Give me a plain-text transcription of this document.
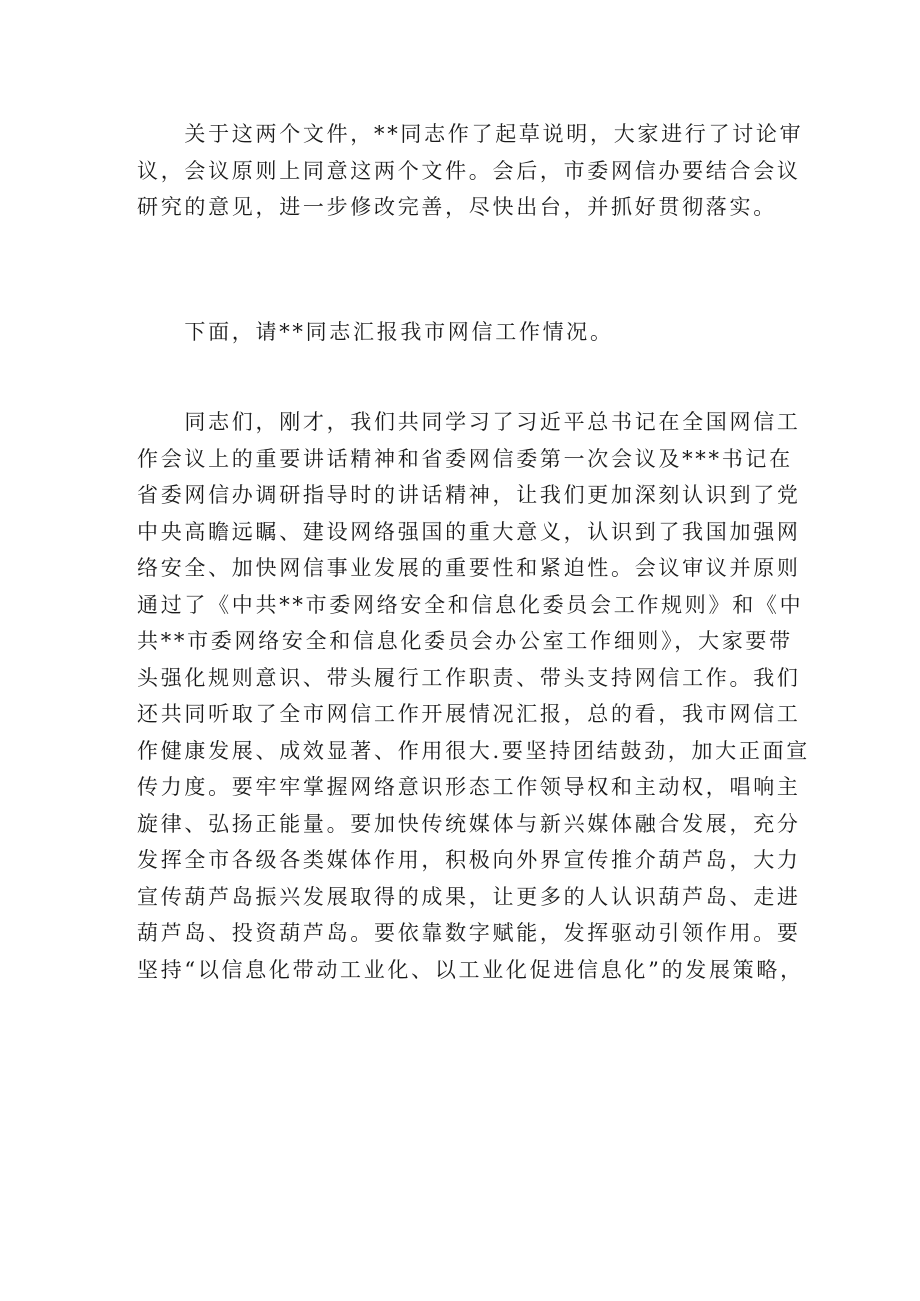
　　关于这两个文件，**同志作了起草说明，大家进行了讨论审
议，会议原则上同意这两个文件。会后，市委网信办要结合会议
研究的意见，进一步修改完善，尽快出台，并抓好贯彻落实。

　　下面，请**同志汇报我市网信工作情况。

　　同志们，刚才，我们共同学习了习近平总书记在全国网信工
作会议上的重要讲话精神和省委网信委第一次会议及***书记在
省委网信办调研指导时的讲话精神，让我们更加深刻认识到了党
中央高瞻远瞩、建设网络强国的重大意义，认识到了我国加强网
络安全、加快网信事业发展的重要性和紧迫性。会议审议并原则
通过了《中共**市委网络安全和信息化委员会工作规则》和《中
共**市委网络安全和信息化委员会办公室工作细则》，大家要带
头强化规则意识、带头履行工作职责、带头支持网信工作。我们
还共同听取了全市网信工作开展情况汇报，总的看，我市网信工
作健康发展、成效显著、作用很大.要坚持团结鼓劲，加大正面宣
传力度。要牢牢掌握网络意识形态工作领导权和主动权，唱响主
旋律、弘扬正能量。要加快传统媒体与新兴媒体融合发展，充分
发挥全市各级各类媒体作用，积极向外界宣传推介葫芦岛，大力
宣传葫芦岛振兴发展取得的成果，让更多的人认识葫芦岛、走进
葫芦岛、投资葫芦岛。要依靠数字赋能，发挥驱动引领作用。要
坚持“以信息化带动工业化、以工业化促进信息化”的发展策略，
